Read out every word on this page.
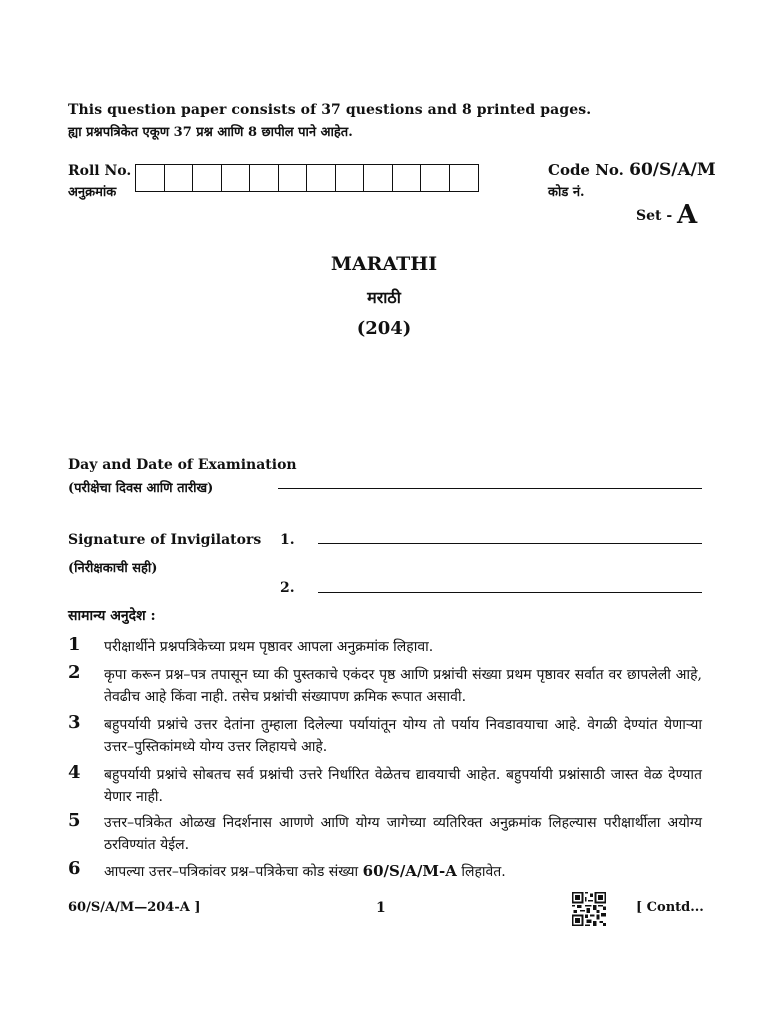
This question paper consists of 37 questions and 8 printed pages.
ह्या प्रश्नपत्रिकेत एकूण 37 प्रश्न आणि 8 छापील पाने आहेत.
Roll No.
अनुक्रमांक
Code No. 60/S/A/M
कोड नं.
Set - A
MARATHI
मराठी
(204)
Day and Date of Examination
(परीक्षेचा दिवस आणि तारीख)
Signature of Invigilators
(निरीक्षकाची सही)
1.
2.
सामान्य अनुदेश :
1	परीक्षार्थीने प्रश्नपत्रिकेच्या प्रथम पृष्ठावर आपला अनुक्रमांक लिहावा.
2	कृपा करून प्रश्न–पत्र तपासून घ्या की पुस्तकाचे एकंदर पृष्ठ आणि प्रश्नांची संख्या प्रथम पृष्ठावर सर्वात वर छापलेली आहे, तेवढीच आहे किंवा नाही. तसेच प्रश्नांची संख्यापण क्रमिक रूपात असावी.
3	बहुपर्यायी प्रश्नांचे उत्तर देतांना तुम्हाला दिलेल्या पर्यायांतून योग्य तो पर्याय निवडावयाचा आहे. वेगळी देण्यांत येणाऱ्या उत्तर–पुस्तिकांमध्ये योग्य उत्तर लिहायचे आहे.
4	बहुपर्यायी प्रश्नांचे सोबतच सर्व प्रश्नांची उत्तरे निर्धारित वेळेतच द्यावयाची आहेत. बहुपर्यायी प्रश्नांसाठी जास्त वेळ देण्यात येणार नाही.
5	उत्तर–पत्रिकेत ओळख निदर्शनास आणणे आणि योग्य जागेच्या व्यतिरिक्त अनुक्रमांक लिहल्यास परीक्षार्थीला अयोग्य ठरविण्यांत येईल.
6	आपल्या उत्तर–पत्रिकांवर प्रश्न–पत्रिकेचा कोड संख्या 60/S/A/M-A लिहावेत.
60/S/A/M—204-A ]	1	[ Contd...
